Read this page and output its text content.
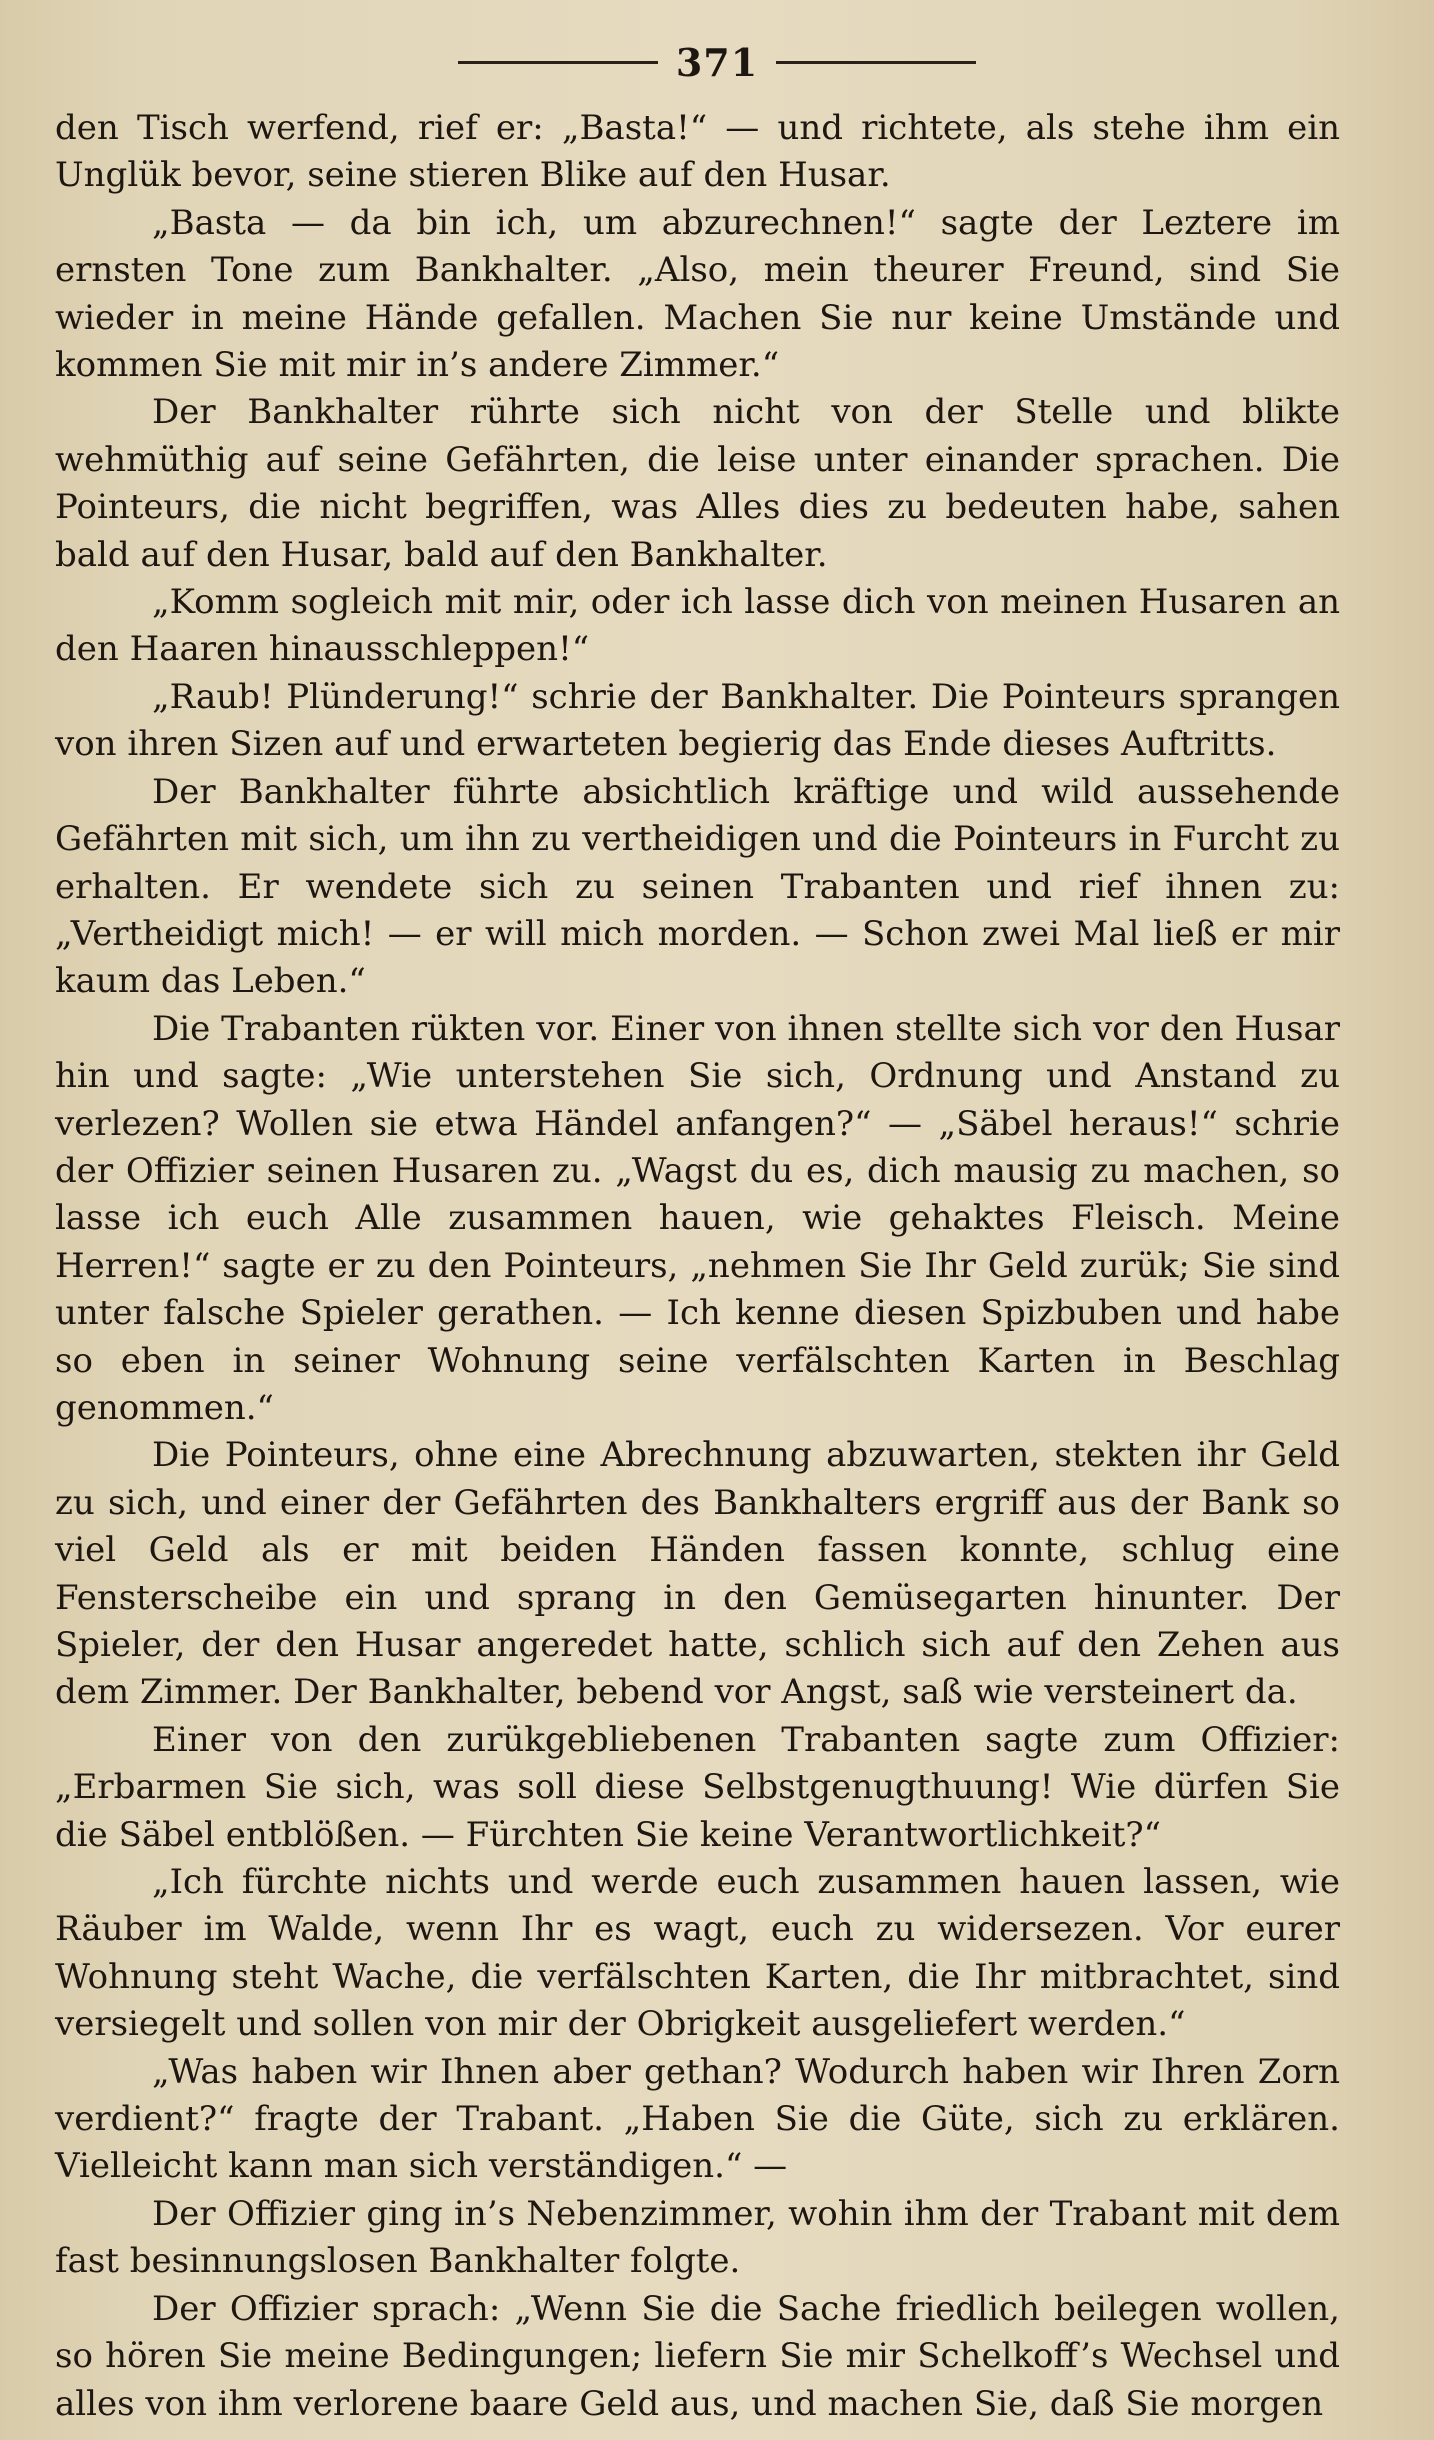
371

den Tisch werfend, rief er: „Basta!“ — und richtete, als stehe ihm ein Unglük bevor, seine stieren Blike auf den Husar.

„Basta — da bin ich, um abzurechnen!“ sagte der Leztere im ernsten Tone zum Bankhalter. „Also, mein theurer Freund, sind Sie wieder in meine Hände gefallen. Machen Sie nur keine Umstände und kommen Sie mit mir in’s andere Zimmer.“

Der Bankhalter rührte sich nicht von der Stelle und blikte wehmüthig auf seine Gefährten, die leise unter einander sprachen. Die Pointeurs, die nicht begriffen, was Alles dies zu bedeuten habe, sahen bald auf den Husar, bald auf den Bankhalter.

„Komm sogleich mit mir, oder ich lasse dich von meinen Husaren an den Haaren hinausschleppen!“

„Raub! Plünderung!“ schrie der Bankhalter. Die Pointeurs sprangen von ihren Sizen auf und erwarteten begierig das Ende dieses Auftritts.

Der Bankhalter führte absichtlich kräftige und wild aussehende Gefährten mit sich, um ihn zu vertheidigen und die Pointeurs in Furcht zu erhalten. Er wendete sich zu seinen Trabanten und rief ihnen zu: „Vertheidigt mich! — er will mich morden. — Schon zwei Mal ließ er mir kaum das Leben.“

Die Trabanten rükten vor. Einer von ihnen stellte sich vor den Husar hin und sagte: „Wie unterstehen Sie sich, Ordnung und Anstand zu verlezen? Wollen sie etwa Händel anfangen?“ — „Säbel heraus!“ schrie der Offizier seinen Husaren zu. „Wagst du es, dich mausig zu machen, so lasse ich euch Alle zusammen hauen, wie gehaktes Fleisch. Meine Herren!“ sagte er zu den Pointeurs, „nehmen Sie Ihr Geld zurük; Sie sind unter falsche Spieler gerathen. — Ich kenne diesen Spizbuben und habe so eben in seiner Wohnung seine verfälschten Karten in Beschlag genommen.“

Die Pointeurs, ohne eine Abrechnung abzuwarten, stekten ihr Geld zu sich, und einer der Gefährten des Bankhalters ergriff aus der Bank so viel Geld als er mit beiden Händen fassen konnte, schlug eine Fensterscheibe ein und sprang in den Gemüsegarten hinunter. Der Spieler, der den Husar angeredet hatte, schlich sich auf den Zehen aus dem Zimmer. Der Bankhalter, bebend vor Angst, saß wie versteinert da.

Einer von den zurükgebliebenen Trabanten sagte zum Offizier: „Erbarmen Sie sich, was soll diese Selbstgenugthuung! Wie dürfen Sie die Säbel entblößen. — Fürchten Sie keine Verantwortlichkeit?“

„Ich fürchte nichts und werde euch zusammen hauen lassen, wie Räuber im Walde, wenn Ihr es wagt, euch zu widersezen. Vor eurer Wohnung steht Wache, die verfälschten Karten, die Ihr mitbrachtet, sind versiegelt und sollen von mir der Obrigkeit ausgeliefert werden.“

„Was haben wir Ihnen aber gethan? Wodurch haben wir Ihren Zorn verdient?“ fragte der Trabant. „Haben Sie die Güte, sich zu erklären. Vielleicht kann man sich verständigen.“ —

Der Offizier ging in’s Nebenzimmer, wohin ihm der Trabant mit dem fast besinnungslosen Bankhalter folgte.

Der Offizier sprach: „Wenn Sie die Sache friedlich beilegen wollen, so hören Sie meine Bedingungen; liefern Sie mir Schelkoff’s Wechsel und alles von ihm verlorene baare Geld aus, und machen Sie, daß Sie morgen
